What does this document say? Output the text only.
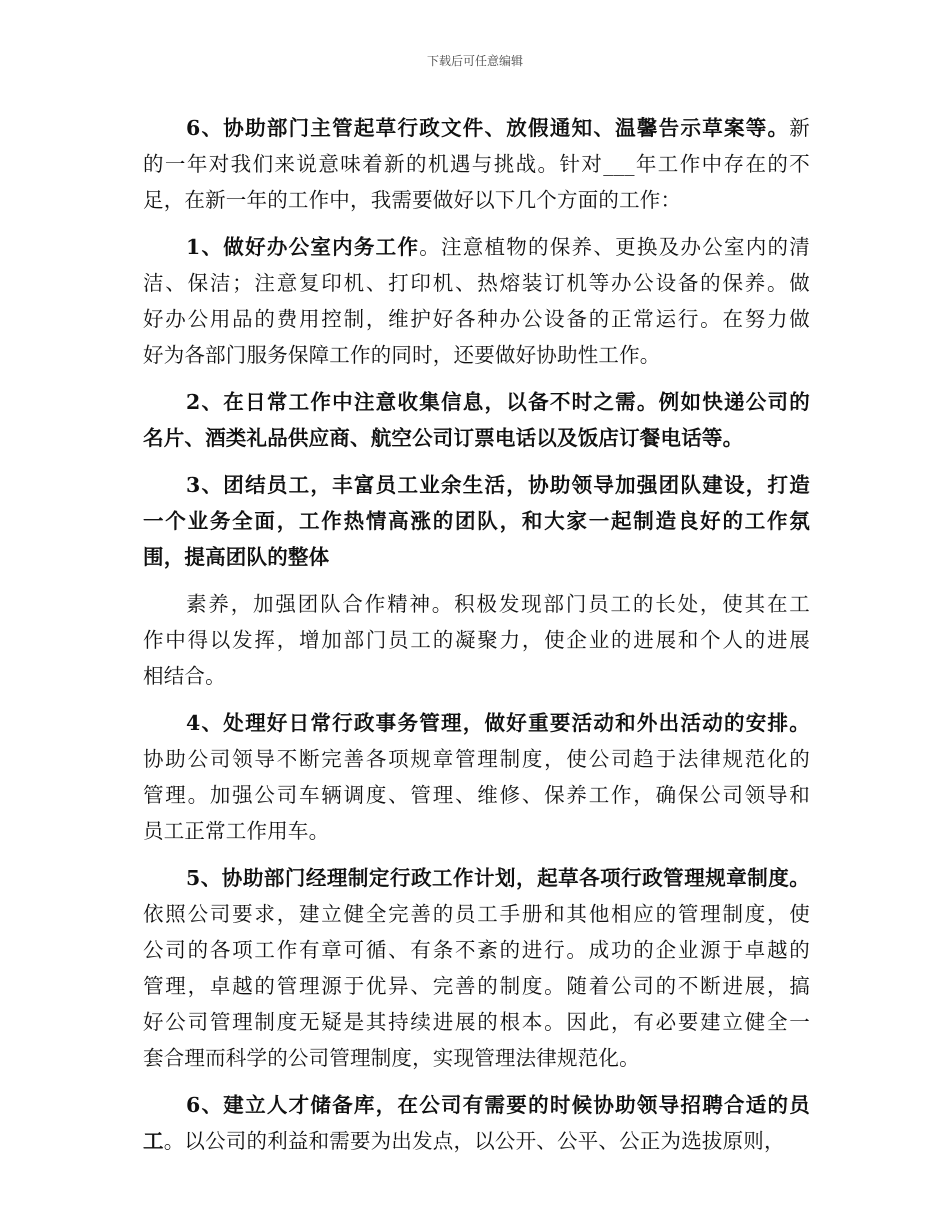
下载后可任意编辑
6、协助部门主管起草行政文件、放假通知、温馨告示草案等。新
的一年对我们来说意味着新的机遇与挑战。针对___年工作中存在的不
足，在新一年的工作中，我需要做好以下几个方面的工作：
1、做好办公室内务工作。注意植物的保养、更换及办公室内的清
洁、保洁；注意复印机、打印机、热熔装订机等办公设备的保养。做
好办公用品的费用控制，维护好各种办公设备的正常运行。在努力做
好为各部门服务保障工作的同时，还要做好协助性工作。
2、在日常工作中注意收集信息，以备不时之需。例如快递公司的
名片、酒类礼品供应商、航空公司订票电话以及饭店订餐电话等。
3、团结员工，丰富员工业余生活，协助领导加强团队建设，打造
一个业务全面，工作热情高涨的团队，和大家一起制造良好的工作氛
围，提高团队的整体
素养，加强团队合作精神。积极发现部门员工的长处，使其在工
作中得以发挥，增加部门员工的凝聚力，使企业的进展和个人的进展
相结合。
4、处理好日常行政事务管理，做好重要活动和外出活动的安排。
协助公司领导不断完善各项规章管理制度，使公司趋于法律规范化的
管理。加强公司车辆调度、管理、维修、保养工作，确保公司领导和
员工正常工作用车。
5、协助部门经理制定行政工作计划，起草各项行政管理规章制度。
依照公司要求，建立健全完善的员工手册和其他相应的管理制度，使
公司的各项工作有章可循、有条不紊的进行。成功的企业源于卓越的
管理，卓越的管理源于优异、完善的制度。随着公司的不断进展，搞
好公司管理制度无疑是其持续进展的根本。因此，有必要建立健全一
套合理而科学的公司管理制度，实现管理法律规范化。
6、建立人才储备库，在公司有需要的时候协助领导招聘合适的员
工。以公司的利益和需要为出发点，以公开、公平、公正为选拔原则，
